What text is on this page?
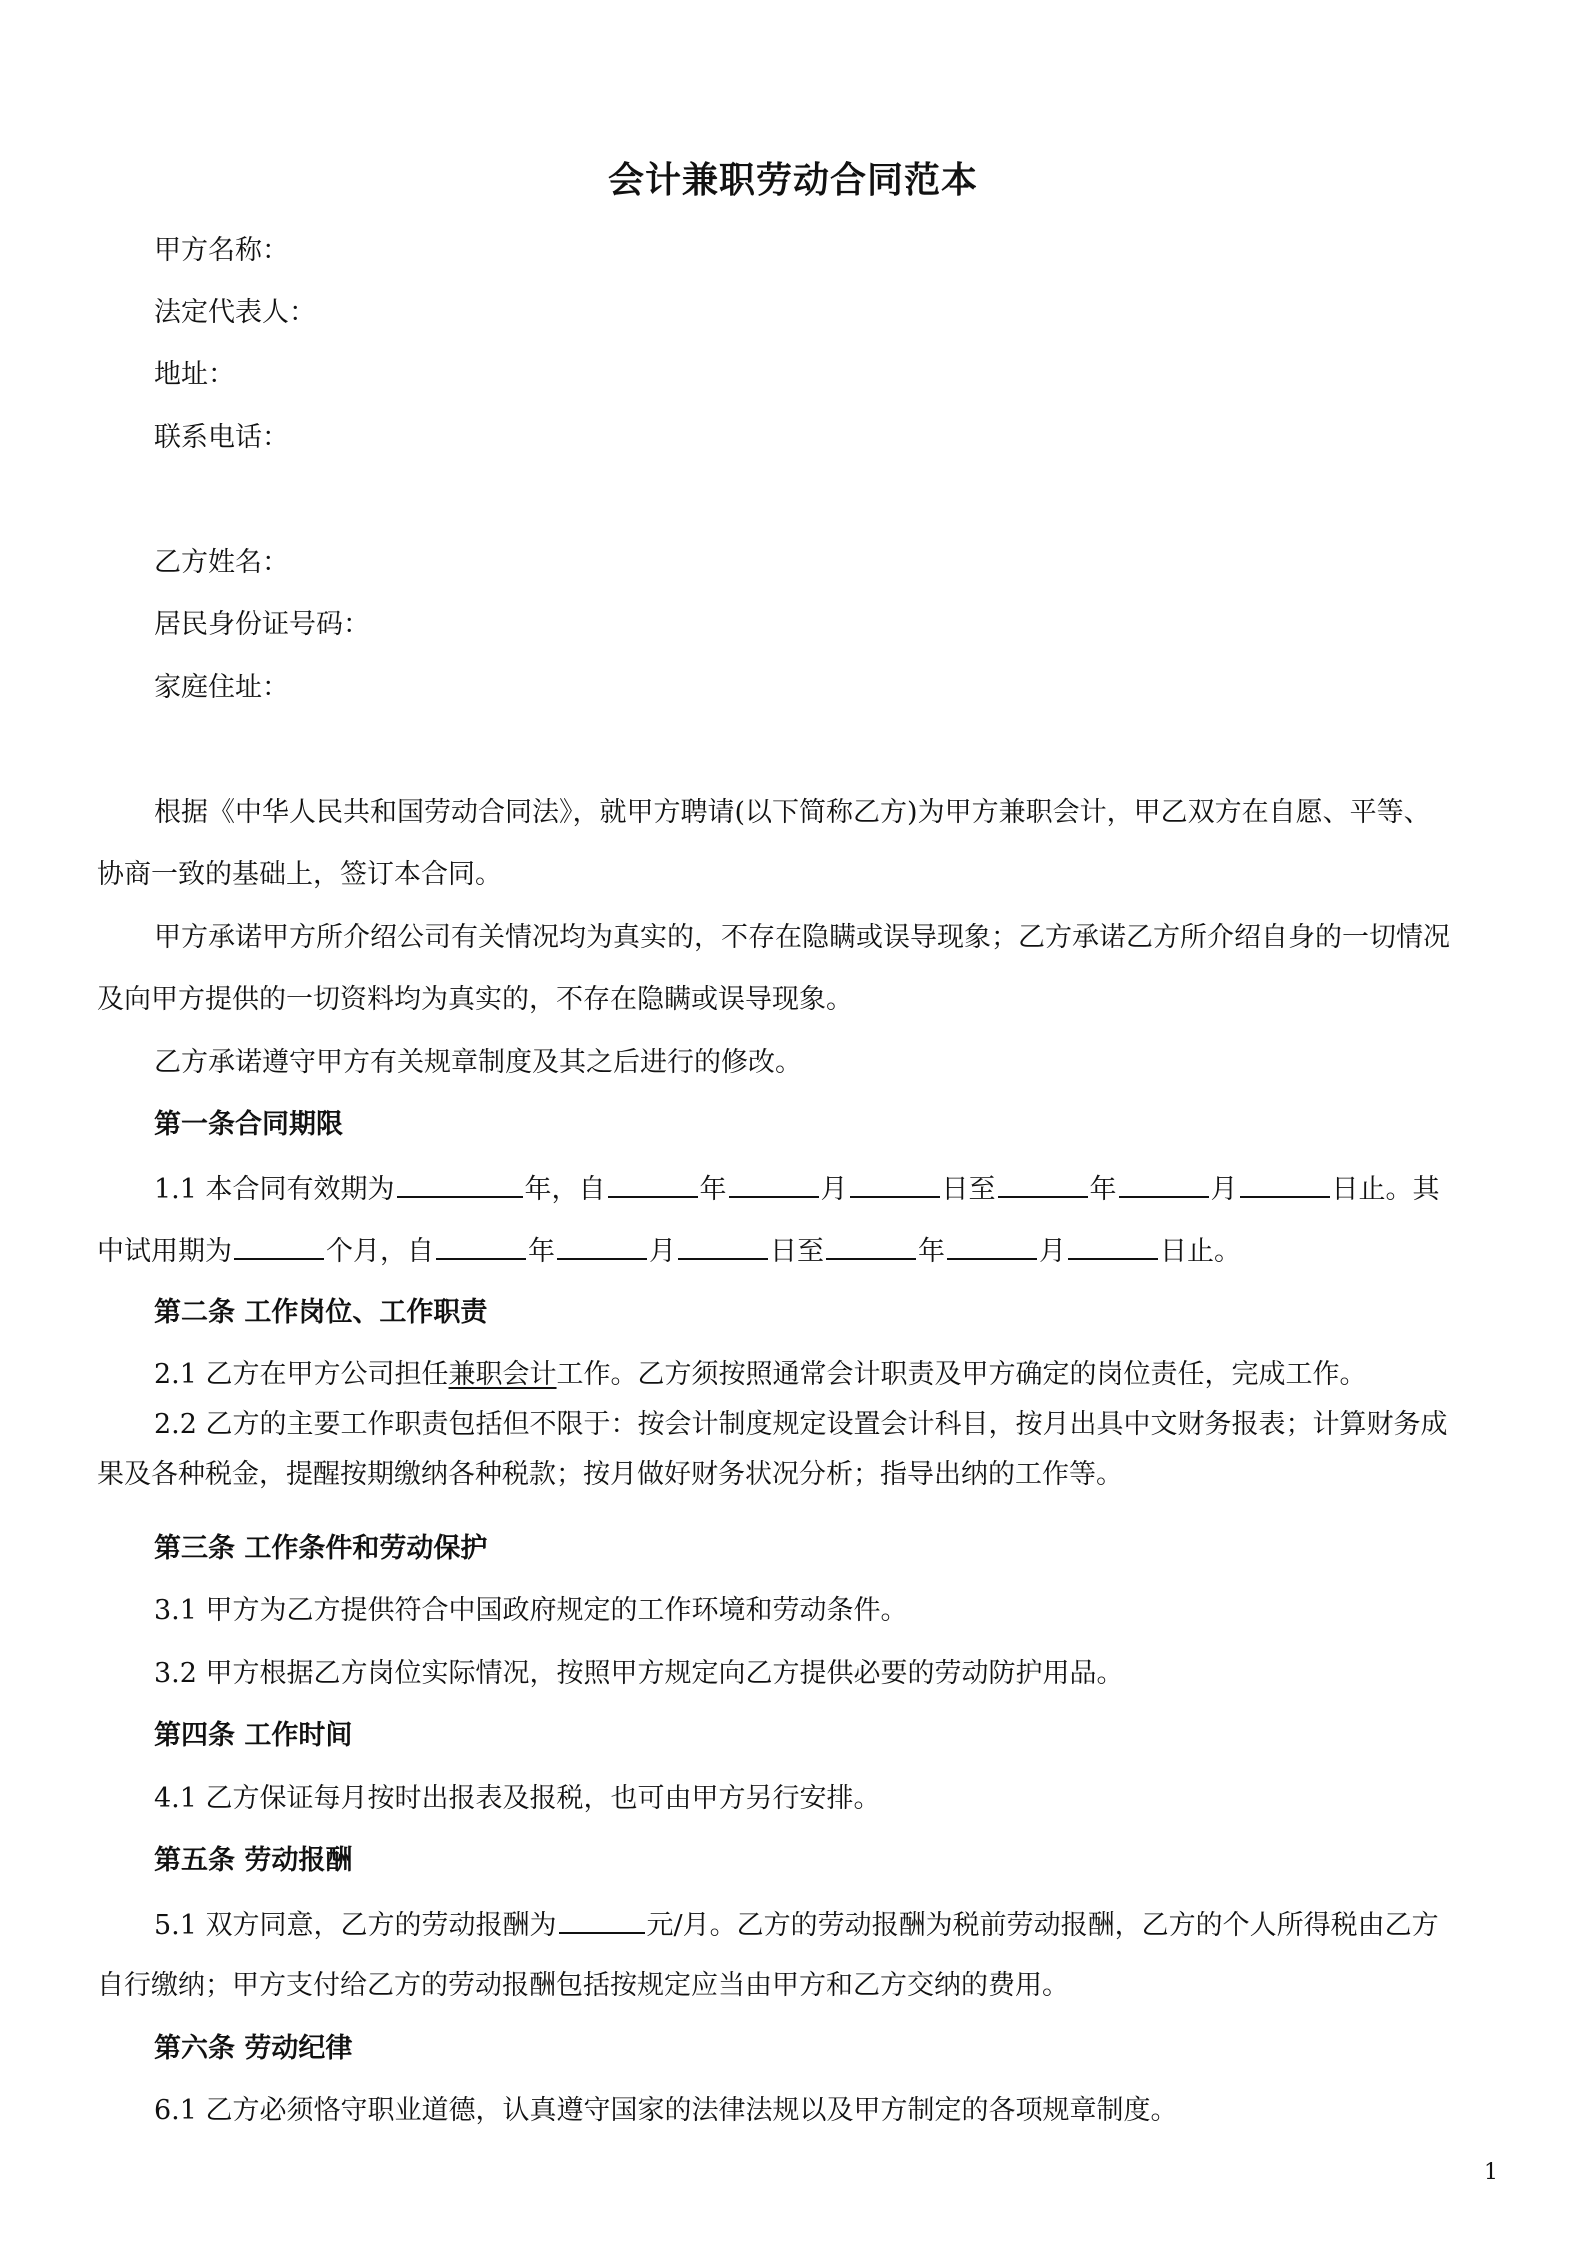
会计兼职劳动合同范本
甲方名称：
法定代表人：
地址：
联系电话：
乙方姓名：
居民身份证号码：
家庭住址：
根据《中华人民共和国劳动合同法》，就甲方聘请(以下简称乙方)为甲方兼职会计，甲乙双方在自愿、平等、
协商一致的基础上，签订本合同。
甲方承诺甲方所介绍公司有关情况均为真实的，不存在隐瞒或误导现象；乙方承诺乙方所介绍自身的一切情况
及向甲方提供的一切资料均为真实的，不存在隐瞒或误导现象。
乙方承诺遵守甲方有关规章制度及其之后进行的修改。
第一条合同期限
1.1 本合同有效期为	年，自	年	月	日至	年	月	日止。其
中试用期为	个月，自	年	月	日至	年	月	日止。
第二条 工作岗位、工作职责
2.1 乙方在甲方公司担任兼职会计工作。乙方须按照通常会计职责及甲方确定的岗位责任，完成工作。
2.2 乙方的主要工作职责包括但不限于：按会计制度规定设置会计科目，按月出具中文财务报表；计算财务成
果及各种税金，提醒按期缴纳各种税款；按月做好财务状况分析；指导出纳的工作等。
第三条 工作条件和劳动保护
3.1 甲方为乙方提供符合中国政府规定的工作环境和劳动条件。
3.2 甲方根据乙方岗位实际情况，按照甲方规定向乙方提供必要的劳动防护用品。
第四条 工作时间
4.1 乙方保证每月按时出报表及报税，也可由甲方另行安排。
第五条 劳动报酬
5.1 双方同意，乙方的劳动报酬为	元/月。乙方的劳动报酬为税前劳动报酬，乙方的个人所得税由乙方
自行缴纳；甲方支付给乙方的劳动报酬包括按规定应当由甲方和乙方交纳的费用。
第六条 劳动纪律
6.1 乙方必须恪守职业道德，认真遵守国家的法律法规以及甲方制定的各项规章制度。
1
